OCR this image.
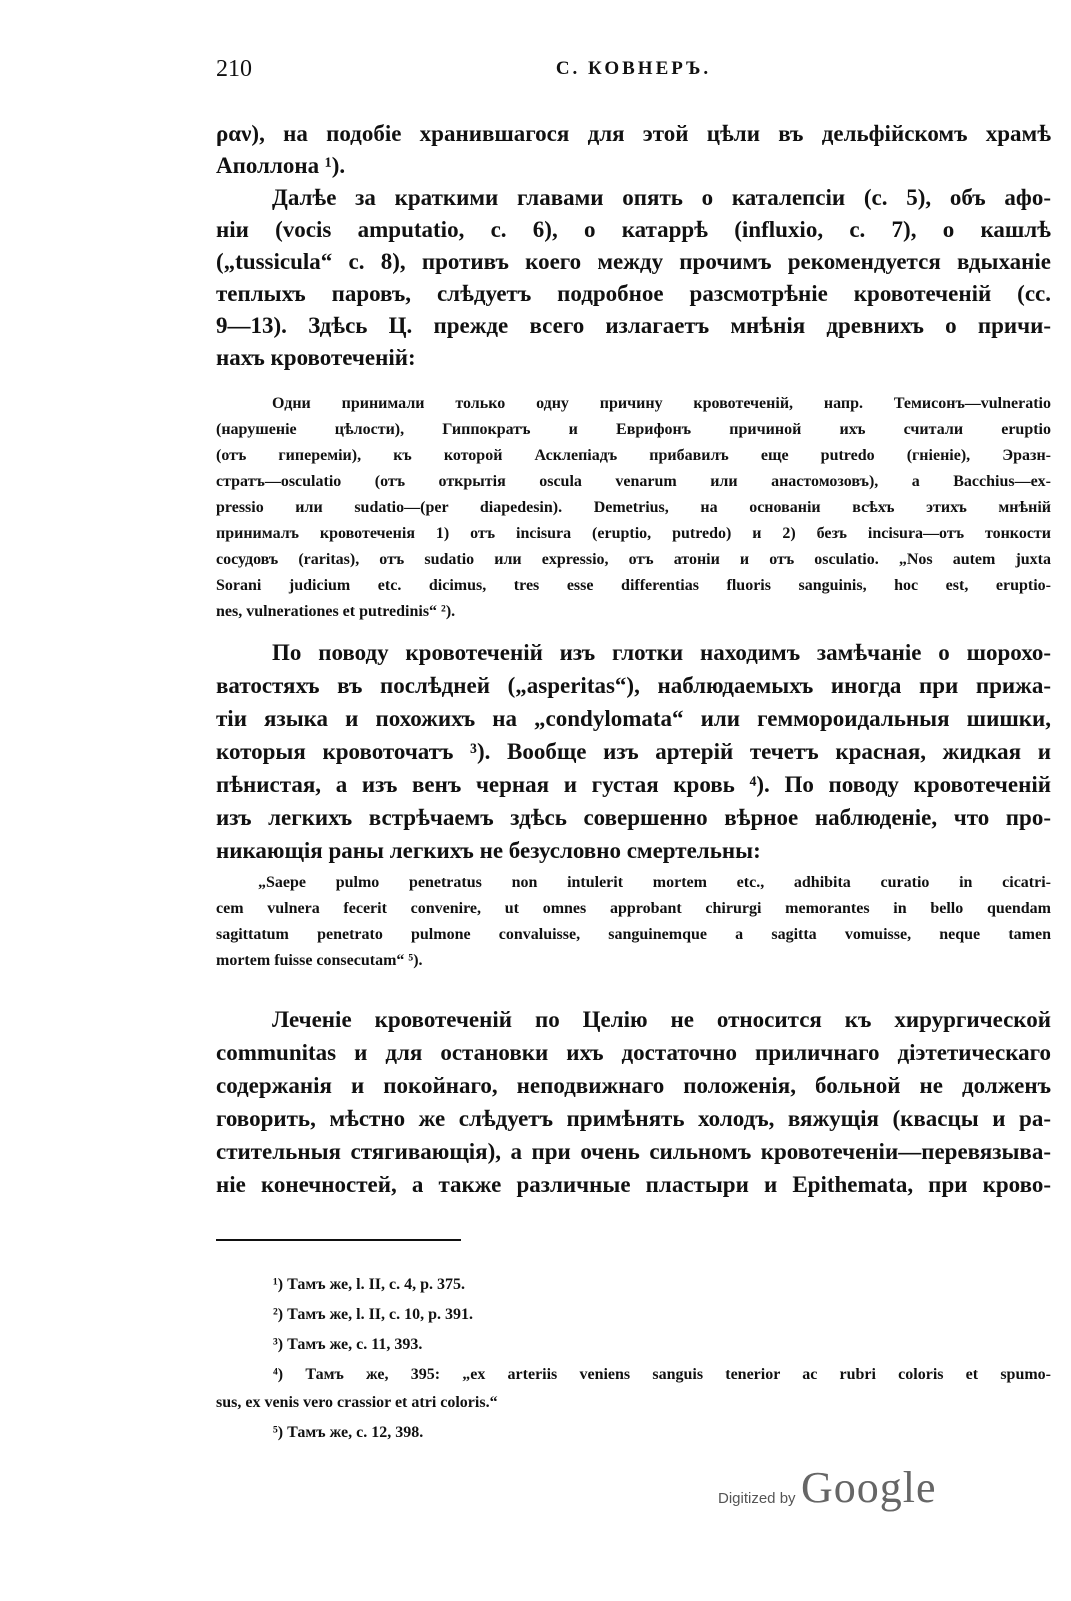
210	С. КОВНЕРЪ.
ραν), на подобіе хранившагося для этой цѣли въ дельфійскомъ храмѣ
Аполлона ¹).
Далѣе за краткими главами опять о каталепсіи (с. 5), объ афо-
ніи (vocis amputatio, с. 6), о катаррѣ (influxio, с. 7), о кашлѣ
(„tussicula“ с. 8), противъ коего между прочимъ рекомендуется вдыханіе
теплыхъ паровъ, слѣдуетъ подробное разсмотрѣніе кровотеченій (сс.
9—13). Здѣсь Ц. прежде всего излагаетъ мнѣнія древнихъ о причи-
нахъ кровотеченій:
Одни принимали только одну причину кровотеченій, напр. Темисонъ—vulneratio
(нарушеніе цѣлости), Гиппократъ и Еврифонъ причиной ихъ считали eruptio
(отъ гипереміи), къ которой Асклепіадъ прибавилъ еще putredo (гніеніе), Эразн-
стратъ—osculatio (отъ открытія oscula venarum или анастомозовъ), а Bacchius—ex-
pressio или sudatio—(per diapedesin). Demetrius, на основаніи всѣхъ этихъ мнѣній
принималъ кровотеченія 1) отъ incisura (eruptio, putredo) и 2) безъ incisura—отъ тонкости
сосудовъ (raritas), отъ sudatio или expressio, отъ атоніи и отъ osculatio. „Nos autem juxta
Sorani judicium etc. dicimus, tres esse differentias fluoris sanguinis, hoc est, eruptio-
nes, vulnerationes et putredinis“ ²).
По поводу кровотеченій изъ глотки находимъ замѣчаніе о шорохо-
ватостяхъ въ послѣдней („asperitas“), наблюдаемыхъ иногда при прижа-
тіи языка и похожихъ на „condylomata“ или геммороидальныя шишки,
которыя кровоточатъ ³). Вообще изъ артерій течетъ красная, жидкая и
пѣнистая, а изъ венъ черная и густая кровь ⁴). По поводу кровотеченій
изъ легкихъ встрѣчаемъ здѣсь совершенно вѣрное наблюденіе, что про-
никающія раны легкихъ не безусловно смертельны:
„Saepe pulmo penetratus non intulerit mortem etc., adhibita curatio in cicatri-
cem vulnera fecerit convenire, ut omnes approbant chirurgi memorantes in bello quendam
sagittatum penetrato pulmone convaluisse, sanguinemque a sagitta vomuisse, neque tamen
mortem fuisse consecutam“ ⁵).
Леченіе кровотеченій по Целію не относится къ хирургической
communitas и для остановки ихъ достаточно приличнаго діэтетическаго
содержанія и покойнаго, неподвижнаго положенія, больной не долженъ
говорить, мѣстно же слѣдуетъ примѣнять холодъ, вяжущія (квасцы и ра-
стительныя стягивающія), а при очень сильномъ кровотеченіи—перевязыва-
ніе конечностей, а также различные пластыри и Epithemata, при крово-
¹) Тамъ же, l. II, с. 4, p. 375.
²) Тамъ же, l. II, с. 10, p. 391.
³) Тамъ же, с. 11, 393.
⁴) Тамъ же, 395: „ex arteriis veniens sanguis tenerior ac rubri coloris et spumo-
sus, ex venis vero crassior et atri coloris.“
⁵) Тамъ же, с. 12, 398.
Digitized by Google
